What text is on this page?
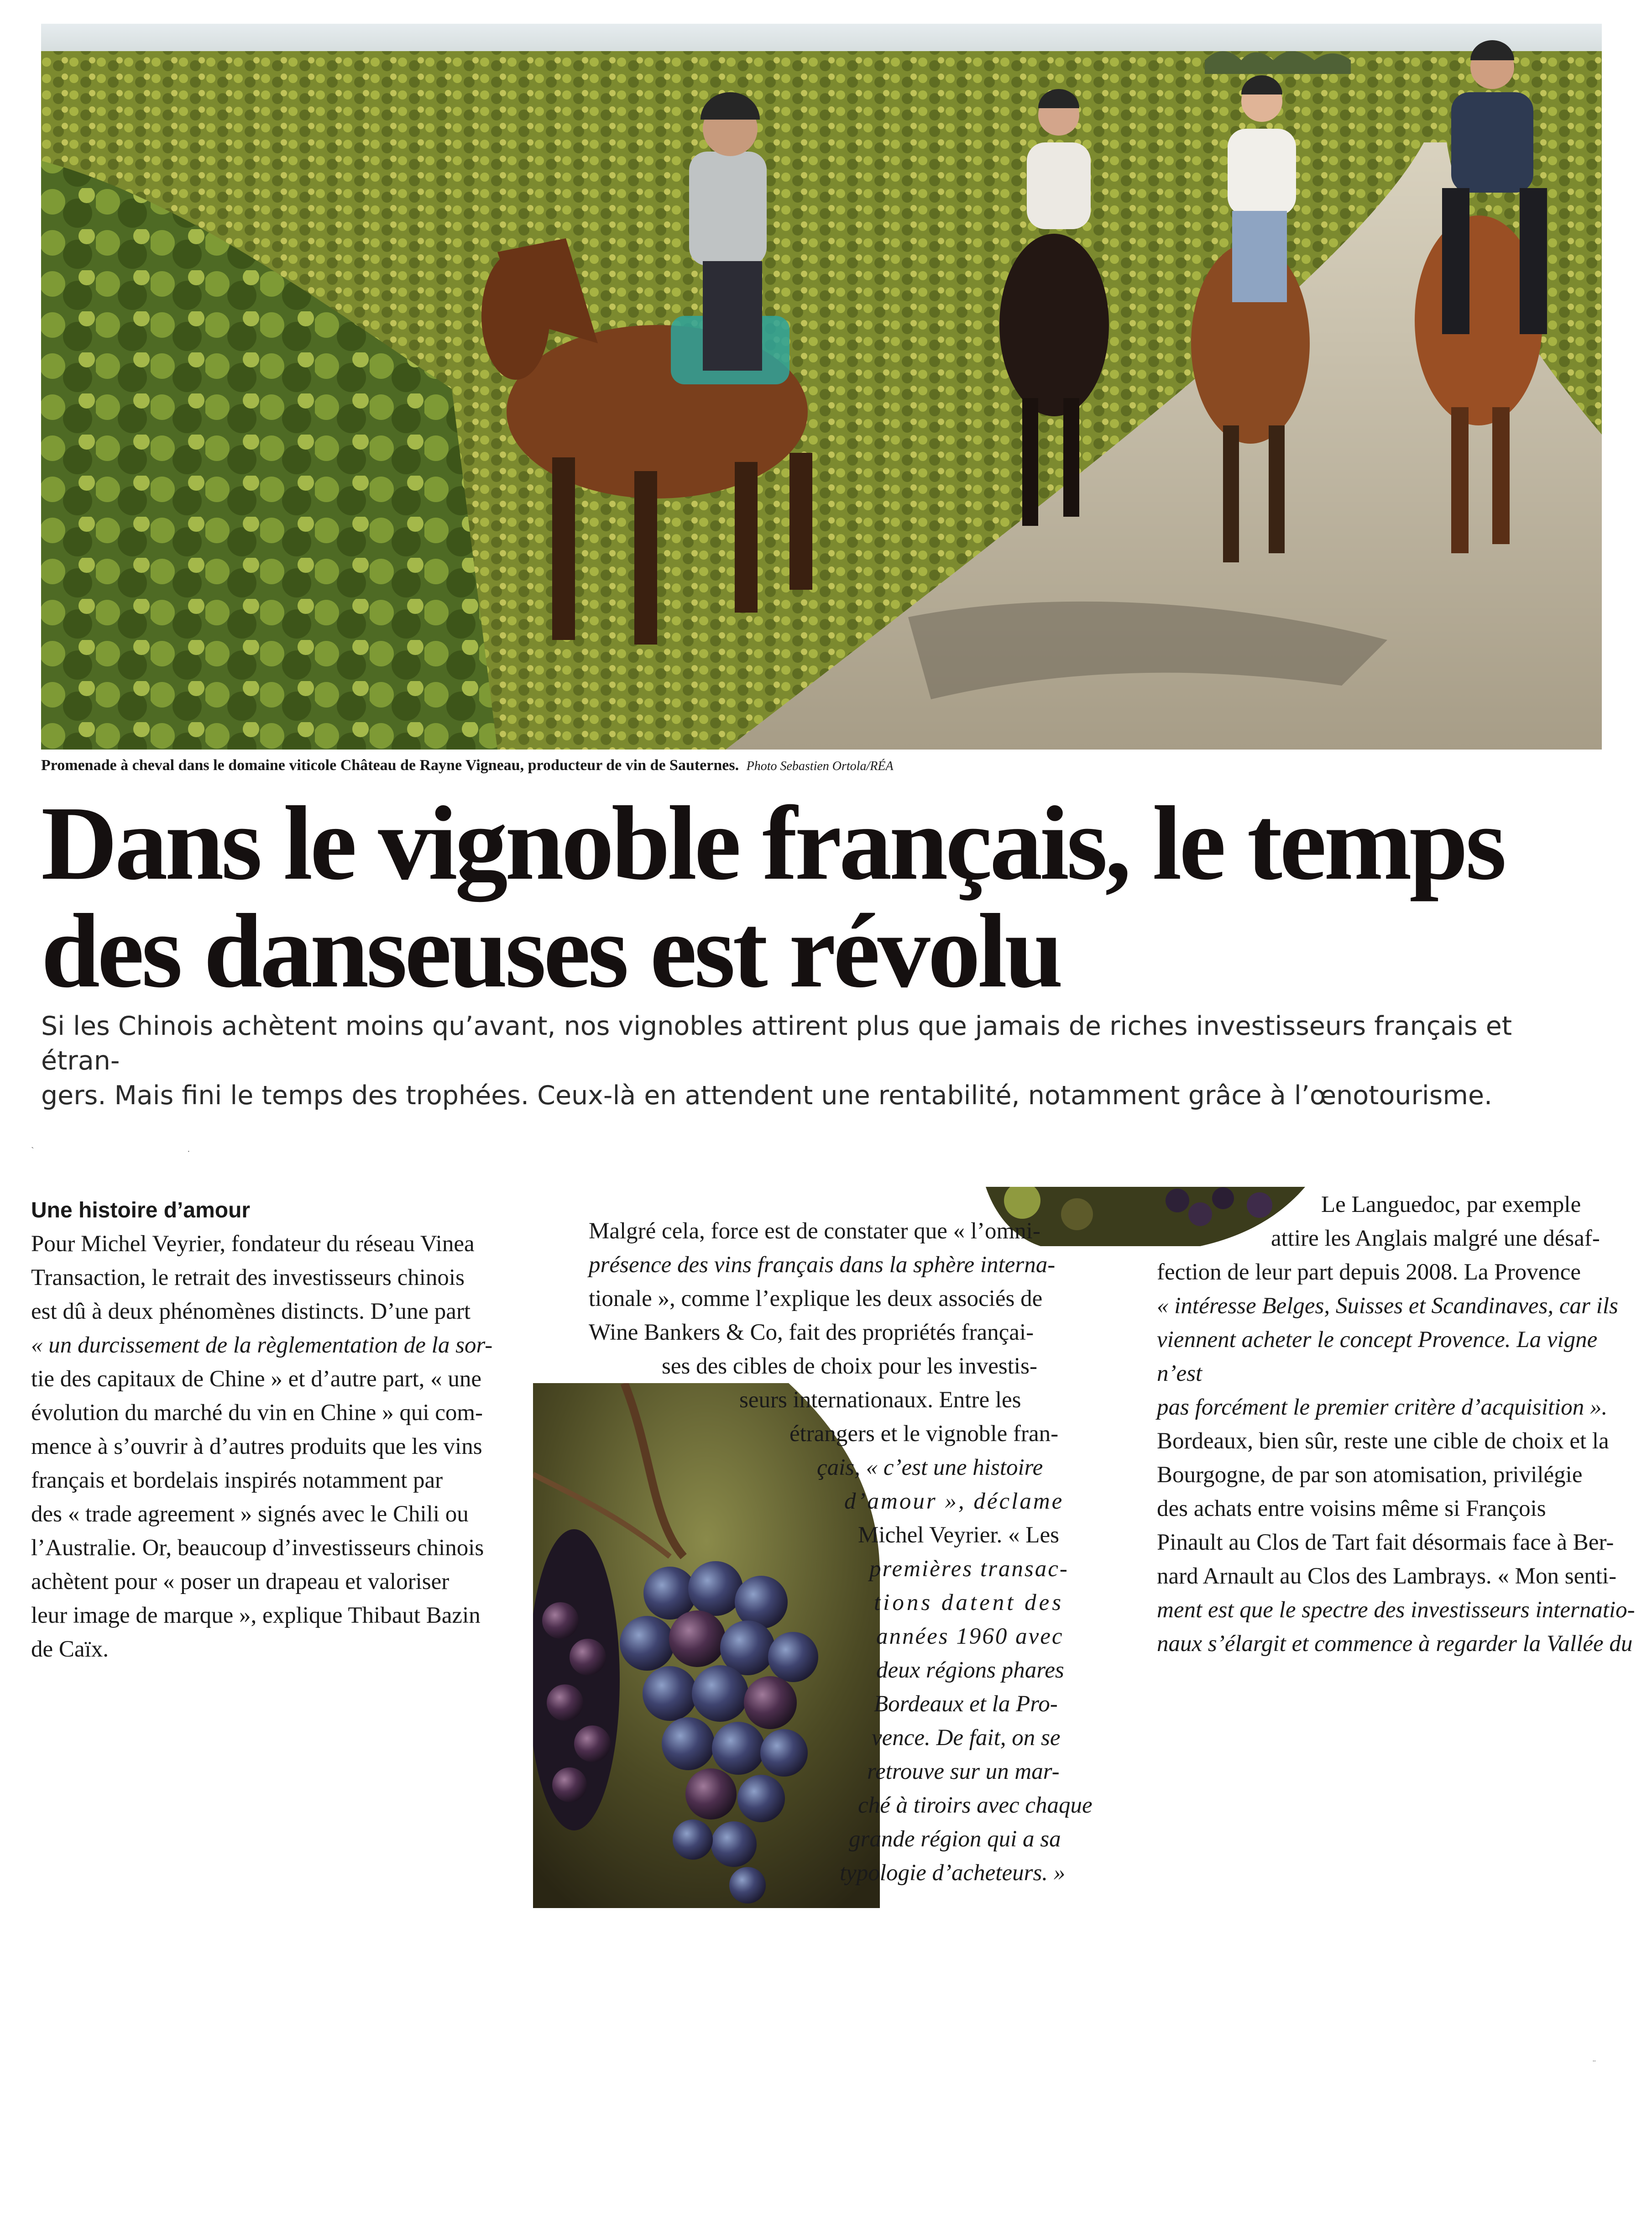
Promenade à cheval dans le domaine viticole Château de Rayne Vigneau, producteur de vin de Sauternes. Photo Sebastien Ortola/RÉA
Dans le vignoble français, le temps
des danseuses est révolu
Si les Chinois achètent moins qu’avant, nos vignobles attirent plus que jamais de riches investisseurs français et étran-
gers. Mais fini le temps des trophées. Ceux-là en attendent une rentabilité, notamment grâce à l’œnotourisme.
`	·
¨
Une histoire d’amour

Pour Michel Veyrier, fondateur du réseau Vinea

Transaction, le retrait des investisseurs chinois

est dû à deux phénomènes distincts. D’une part

« un durcissement de la règlementation de la sor-

tie des capitaux de Chine » et d’autre part, « une

évolution du marché du vin en Chine » qui com-

mence à s’ouvrir à d’autres produits que les vins

français et bordelais inspirés notamment par

des « trade agreement » signés avec le Chili ou

l’Australie. Or, beaucoup d’investisseurs chinois

achètent pour « poser un drapeau et valoriser

leur image de marque », explique Thibaut Bazin

de Caïx.

Malgré cela, force est de constater que « l’omni-

présence des vins français dans la sphère interna-

tionale », comme l’explique les deux associés de

Wine Bankers & Co, fait des propriétés françai-

ses des cibles de choix pour les investis-

seurs internationaux. Entre les

étrangers et le vignoble fran-

çais, « c’est une histoire

d’amour », déclame

Michel Veyrier. « Les

premières transac-

tions datent des

années 1960 avec

deux régions phares

Bordeaux et la Pro-

vence. De fait, on se

retrouve sur un mar-

ché à tiroirs avec chaque

grande région qui a sa

typologie d’acheteurs. »

Le Languedoc, par exemple

attire les Anglais malgré une désaf-

fection de leur part depuis 2008. La Provence

« intéresse Belges, Suisses et Scandinaves, car ils

viennent acheter le concept Provence. La vigne n’est

pas forcément le premier critère d’acquisition ».

Bordeaux, bien sûr, reste une cible de choix et la

Bourgogne, de par son atomisation, privilégie

des achats entre voisins même si François

Pinault au Clos de Tart fait désormais face à Ber-

nard Arnault au Clos des Lambrays. « Mon senti-

ment est que le spectre des investisseurs internatio-

naux s’élargit et commence à regarder la Vallée du
